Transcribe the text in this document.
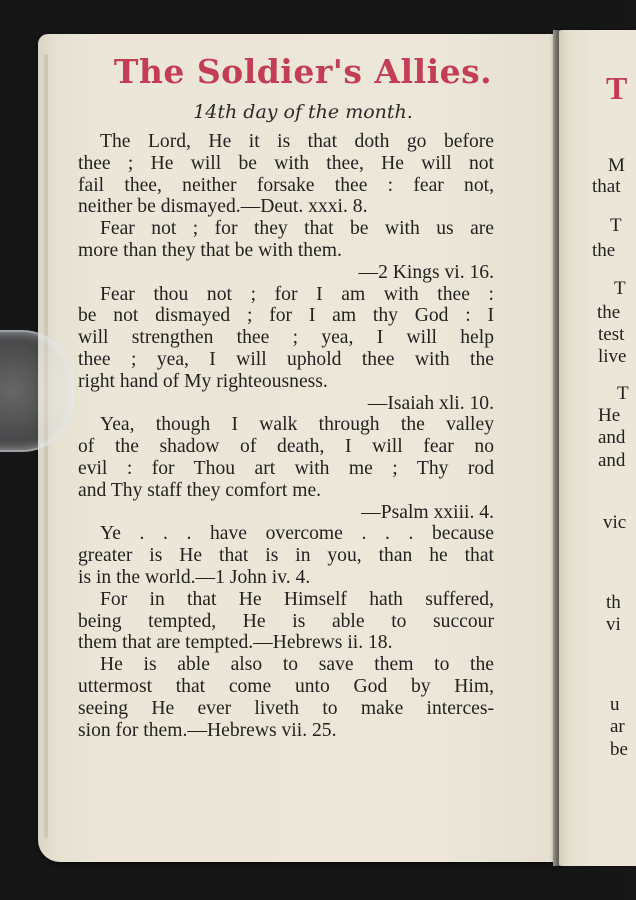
The Soldier's Allies.
14th day of the month.
The Lord, He it is that doth go before
thee ; He will be with thee, He will not
fail thee, neither forsake thee : fear not,
neither be dismayed.—Deut. xxxi. 8.
Fear not ; for they that be with us are
more than they that be with them.
—2 Kings vi. 16.
Fear thou not ; for I am with thee :
be not dismayed ; for I am thy God : I
will strengthen thee ; yea, I will help
thee ; yea, I will uphold thee with the
right hand of My righteousness.
—Isaiah xli. 10.
Yea, though I walk through the valley
of the shadow of death, I will fear no
evil : for Thou art with me ; Thy rod
and Thy staff they comfort me.
—Psalm xxiii. 4.
Ye . . . have overcome . . . because
greater is He that is in you, than he that
is in the world.—1 John iv. 4.
For in that He Himself hath suffered,
being tempted, He is able to succour
them that are tempted.—Hebrews ii. 18.
He is able also to save them to the
uttermost that come unto God by Him,
seeing He ever liveth to make interces-
sion for them.—Hebrews vii. 25.
T
M
that
T
the
T
the
test
live
T
He
and
and
vic
th
vi
u
ar
be
